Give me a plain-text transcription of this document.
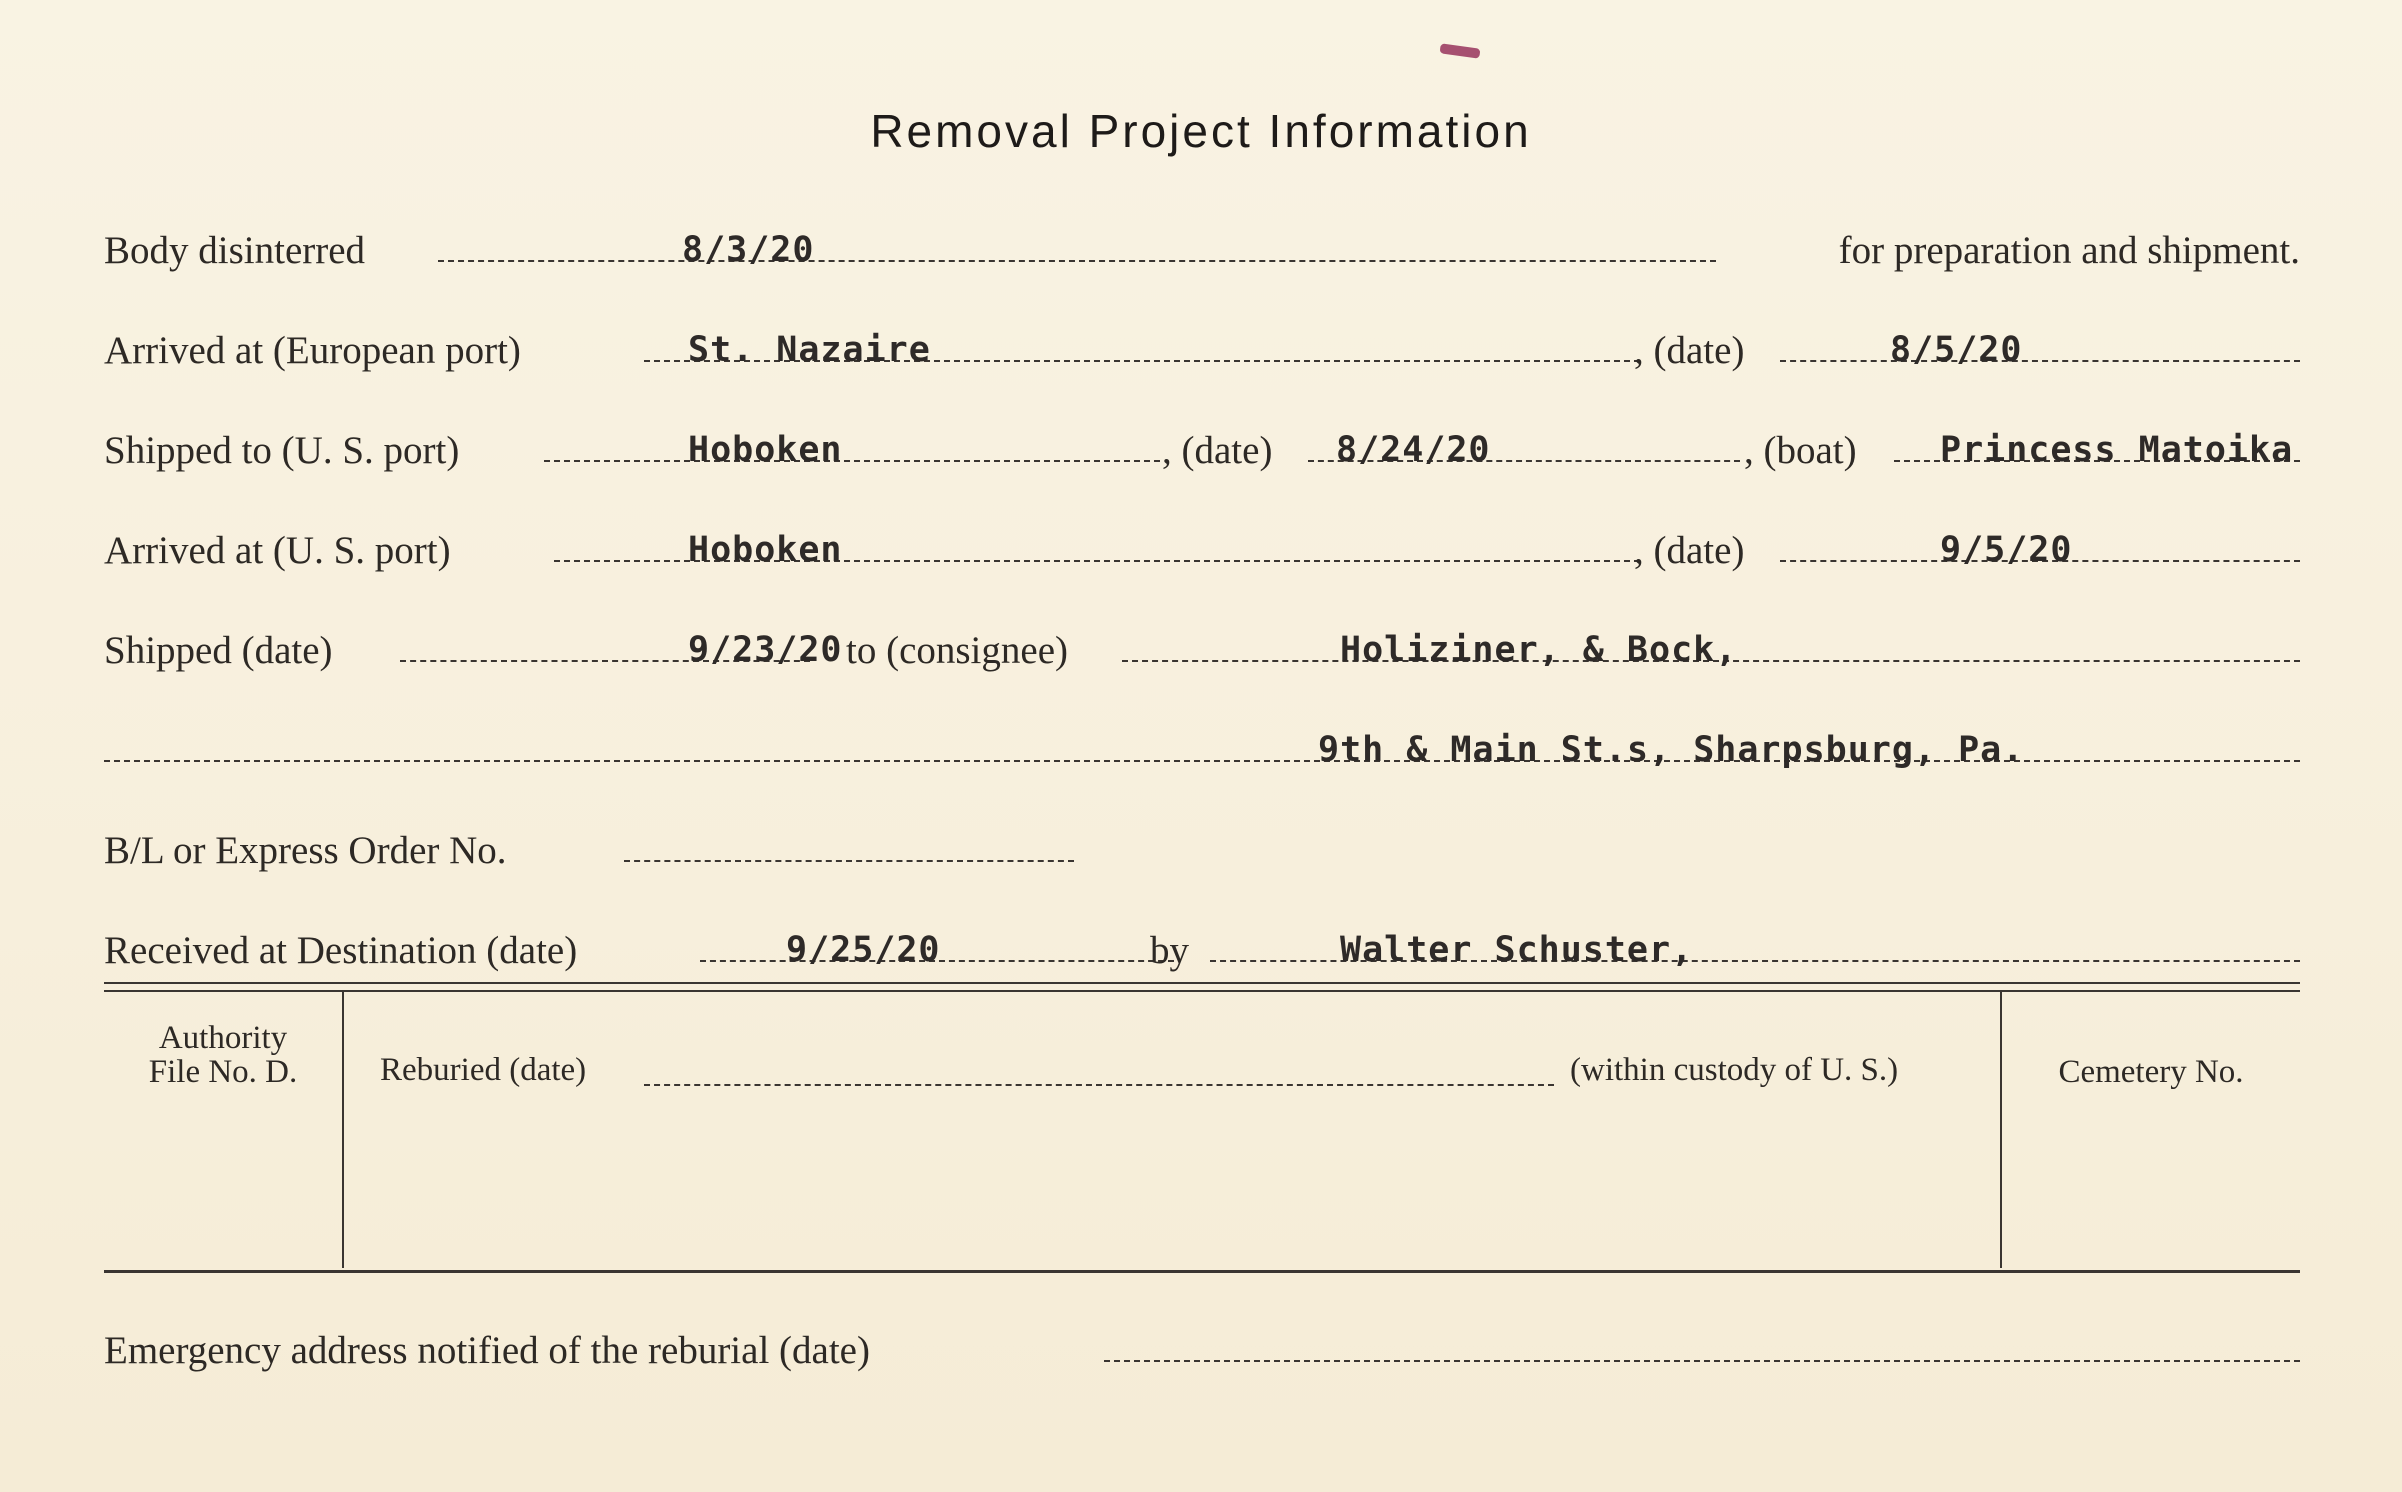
Removal Project Information
Body disinterred	8/3/20	for preparation and shipment.
Arrived at (European port)	St. Nazaire	, (date)	8/5/20
Shipped to (U. S. port)	Hoboken	, (date) 8/24/20	, (boat) Princess Matoika
Arrived at (U. S. port)	Hoboken	, (date)	9/5/20
Shipped (date)	9/23/20 to (consignee)	Holiziner, & Bock,
9th & Main St.s, Sharpsburg, Pa.
B/L or Express Order No.
Received at Destination (date)	9/25/20	by	Walter Schuster,
Authority
File No. D.	Reburied (date)	(within custody of U. S.)	Cemetery No.
Emergency address notified of the reburial (date)
